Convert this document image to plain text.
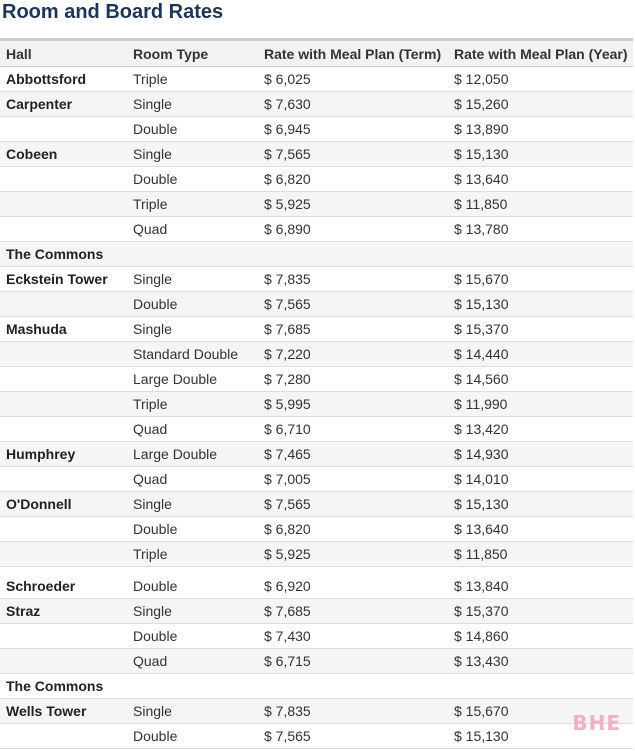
Room and Board Rates
Hall	Room Type	Rate with Meal Plan (Term)	Rate with Meal Plan (Year)
Abbottsford	Triple	$ 6,025	$ 12,050
Carpenter	Single	$ 7,630	$ 15,260
	Double	$ 6,945	$ 13,890
Cobeen	Single	$ 7,565	$ 15,130
	Double	$ 6,820	$ 13,640
	Triple	$ 5,925	$ 11,850
	Quad	$ 6,890	$ 13,780
The Commons			
Eckstein Tower	Single	$ 7,835	$ 15,670
	Double	$ 7,565	$ 15,130
Mashuda	Single	$ 7,685	$ 15,370
	Standard Double	$ 7,220	$ 14,440
	Large Double	$ 7,280	$ 14,560
	Triple	$ 5,995	$ 11,990
	Quad	$ 6,710	$ 13,420
Humphrey	Large Double	$ 7,465	$ 14,930
	Quad	$ 7,005	$ 14,010
O'Donnell	Single	$ 7,565	$ 15,130
	Double	$ 6,820	$ 13,640
	Triple	$ 5,925	$ 11,850
Schroeder	Double	$ 6,920	$ 13,840
Straz	Single	$ 7,685	$ 15,370
	Double	$ 7,430	$ 14,860
	Quad	$ 6,715	$ 13,430
The Commons			
Wells Tower	Single	$ 7,835	$ 15,670
	Double	$ 7,565	$ 15,130
BHE
